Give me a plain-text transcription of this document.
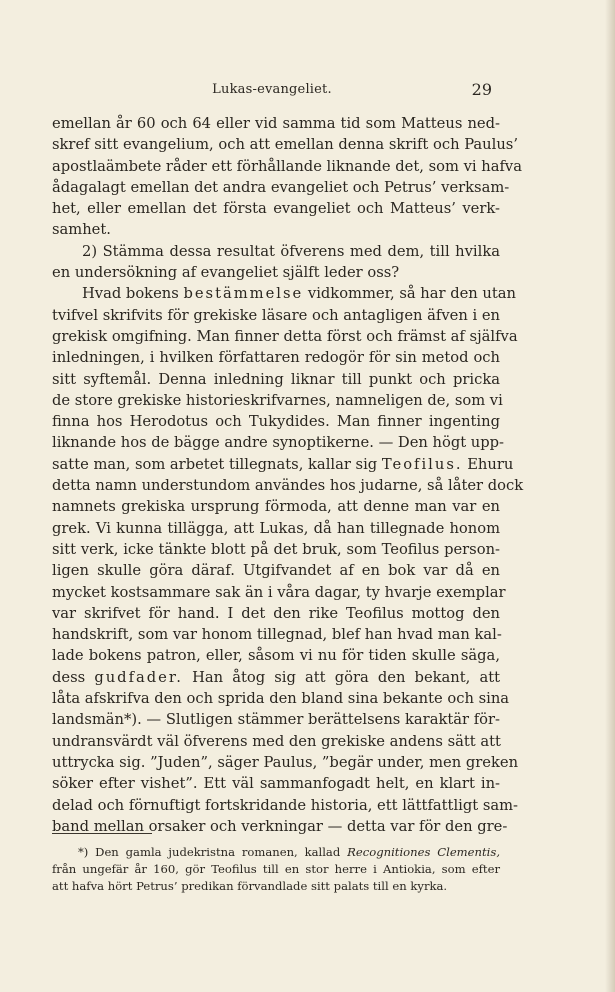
Lukas-evangeliet.	29
emellan år 60 och 64 eller vid samma tid som Matteus ned-
skref sitt evangelium, och att emellan denna skrift och Paulus’
apostlaämbete råder ett förhållande liknande det, som vi hafva
ådagalagt emellan det andra evangeliet och Petrus’ verksam-
het, eller emellan det första evangeliet och Matteus’ verk-
samhet.
2) Stämma dessa resultat öfverens med dem, till hvilka
en undersökning af evangeliet själft leder oss?
Hvad bokens bestämmelse vidkommer, så har den utan
tvifvel skrifvits för grekiske läsare och antagligen äfven i en
grekisk omgifning. Man finner detta först och främst af själfva
inledningen, i hvilken författaren redogör för sin metod och
sitt syftemål. Denna inledning liknar till punkt och pricka
de store grekiske historieskrifvarnes, namneligen de, som vi
finna hos Herodotus och Tukydides. Man finner ingenting
liknande hos de bägge andre synoptikerne. — Den högt upp-
satte man, som arbetet tillegnats, kallar sig Teofilus. Ehuru
detta namn understundom användes hos judarne, så låter dock
namnets grekiska ursprung förmoda, att denne man var en
grek. Vi kunna tillägga, att Lukas, då han tillegnade honom
sitt verk, icke tänkte blott på det bruk, som Teofilus person-
ligen skulle göra däraf. Utgifvandet af en bok var då en
mycket kostsammare sak än i våra dagar, ty hvarje exemplar
var skrifvet för hand. I det den rike Teofilus mottog den
handskrift, som var honom tillegnad, blef han hvad man kal-
lade bokens patron, eller, såsom vi nu för tiden skulle säga,
dess gudfader. Han åtog sig att göra den bekant, att
låta afskrifva den och sprida den bland sina bekante och sina
landsmän*). — Slutligen stämmer berättelsens karaktär för-
undransvärdt väl öfverens med den grekiske andens sätt att
uttrycka sig. ”Juden”, säger Paulus, ”begär under, men greken
söker efter vishet”. Ett väl sammanfogadt helt, en klart in-
delad och förnuftigt fortskridande historia, ett lättfattligt sam-
band mellan orsaker och verkningar — detta var för den gre-
*) Den gamla judekristna romanen, kallad Recognitiones Clementis,
från ungefär år 160, gör Teofilus till en stor herre i Antiokia, som efter
att hafva hört Petrus’ predikan förvandlade sitt palats till en kyrka.
